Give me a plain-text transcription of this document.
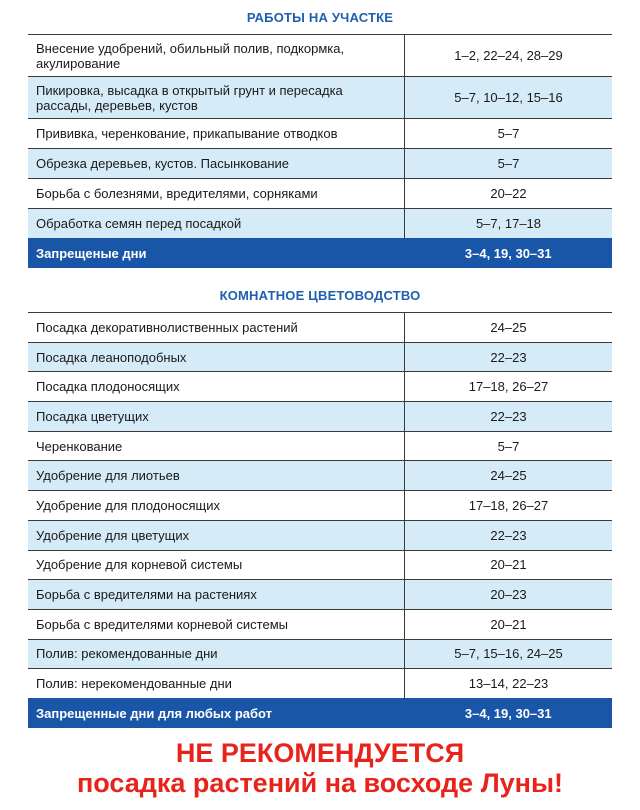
РАБОТЫ НА УЧАСТКЕ
Внесение удобрений, обильный полив, подкормка, акулирование	1–2, 22–24, 28–29
Пикировка, высадка в открытый грунт и пересадка рассады, деревьев, кустов	5–7, 10–12, 15–16
Прививка, черенкование, прикапывание отводков	5–7
Обрезка деревьев, кустов. Пасынкование	5–7
Борьба с болезнями, вредителями, сорняками	20–22
Обработка семян перед посадкой	5–7, 17–18
Запрещеные дни	3–4, 19, 30–31
КОМНАТНОЕ ЦВЕТОВОДСТВО
Посадка декоративнолиственных растений	24–25
Посадка леаноподобных	22–23
Посадка плодоносящих	17–18, 26–27
Посадка цветущих	22–23
Черенкование	5–7
Удобрение для лиотьев	24–25
Удобрение для плодоносящих	17–18, 26–27
Удобрение для цветущих	22–23
Удобрение для корневой системы	20–21
Борьба с вредителями на растениях	20–23
Борьба с вредителями корневой системы	20–21
Полив: рекомендованные дни	5–7, 15–16, 24–25
Полив: нерекомендованные дни	13–14, 22–23
Запрещенные дни для любых работ	3–4, 19, 30–31
НЕ РЕКОМЕНДУЕТСЯ
посадка растений на восходе Луны!
